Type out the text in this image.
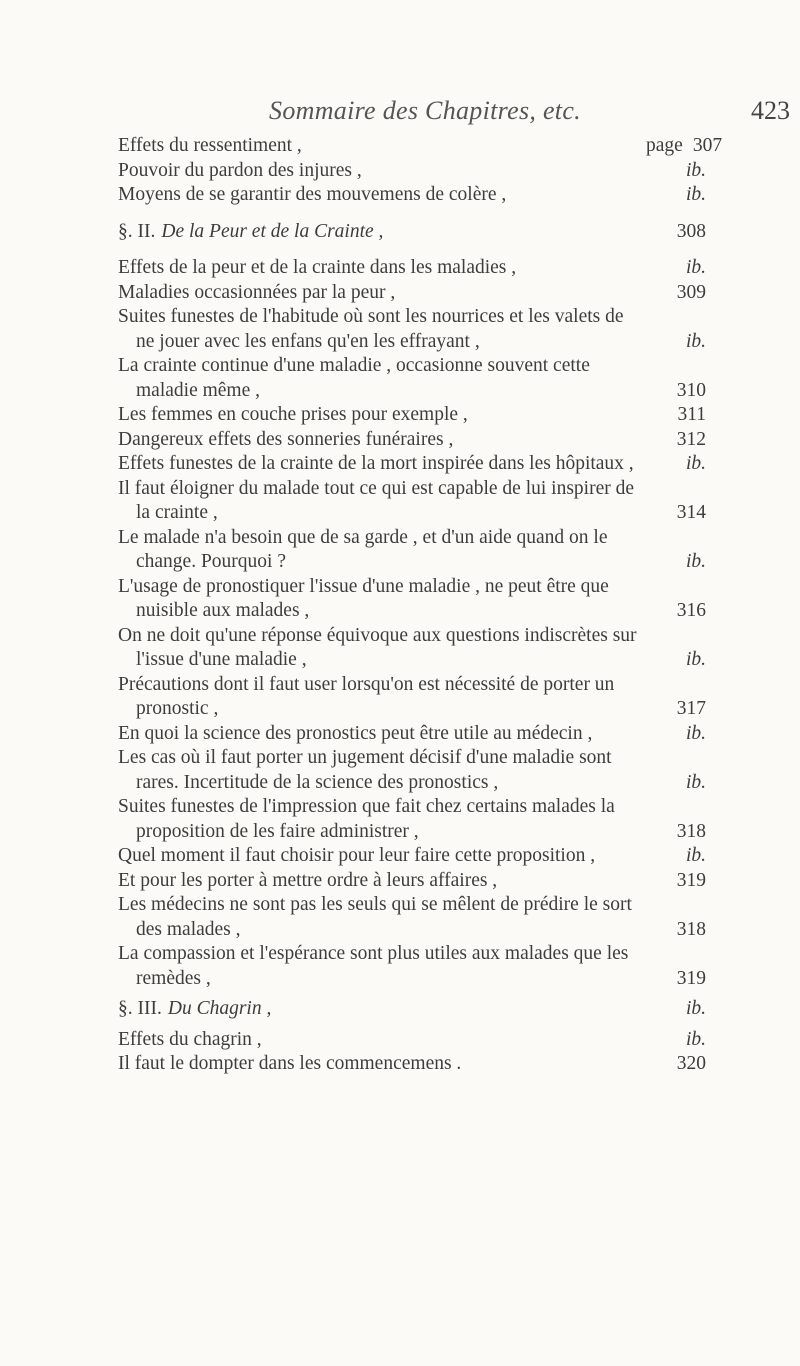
Sommaire des Chapitres, etc.	423
Effets du ressentiment ,	page 307
Pouvoir du pardon des injures ,	ib.
Moyens de se garantir des mouvemens de colère ,	ib.
§. II. De la Peur et de la Crainte ,	308
Effets de la peur et de la crainte dans les maladies ,	ib.
Maladies occasionnées par la peur ,	309
Suites funestes de l'habitude où sont les nourrices et les valets de ne jouer avec les enfans qu'en les effrayant ,	ib.
La crainte continue d'une maladie , occasionne souvent cette maladie même ,	310
Les femmes en couche prises pour exemple ,	311
Dangereux effets des sonneries funéraires ,	312
Effets funestes de la crainte de la mort inspirée dans les hôpitaux ,	ib.
Il faut éloigner du malade tout ce qui est capable de lui inspirer de la crainte ,	314
Le malade n'a besoin que de sa garde , et d'un aide quand on le change. Pourquoi ?	ib.
L'usage de pronostiquer l'issue d'une maladie , ne peut être que nuisible aux malades ,	316
On ne doit qu'une réponse équivoque aux questions indiscrètes sur l'issue d'une maladie ,	ib.
Précautions dont il faut user lorsqu'on est nécessité de porter un pronostic ,	317
En quoi la science des pronostics peut être utile au médecin ,	ib.
Les cas où il faut porter un jugement décisif d'une maladie sont rares. Incertitude de la science des pronostics ,	ib.
Suites funestes de l'impression que fait chez certains malades la proposition de les faire administrer ,	318
Quel moment il faut choisir pour leur faire cette proposition ,	ib.
Et pour les porter à mettre ordre à leurs affaires ,	319
Les médecins ne sont pas les seuls qui se mêlent de prédire le sort des malades ,	318
La compassion et l'espérance sont plus utiles aux malades que les remèdes ,	319
§. III. Du Chagrin ,	ib.
Effets du chagrin ,	ib.
Il faut le dompter dans les commencemens .	320
